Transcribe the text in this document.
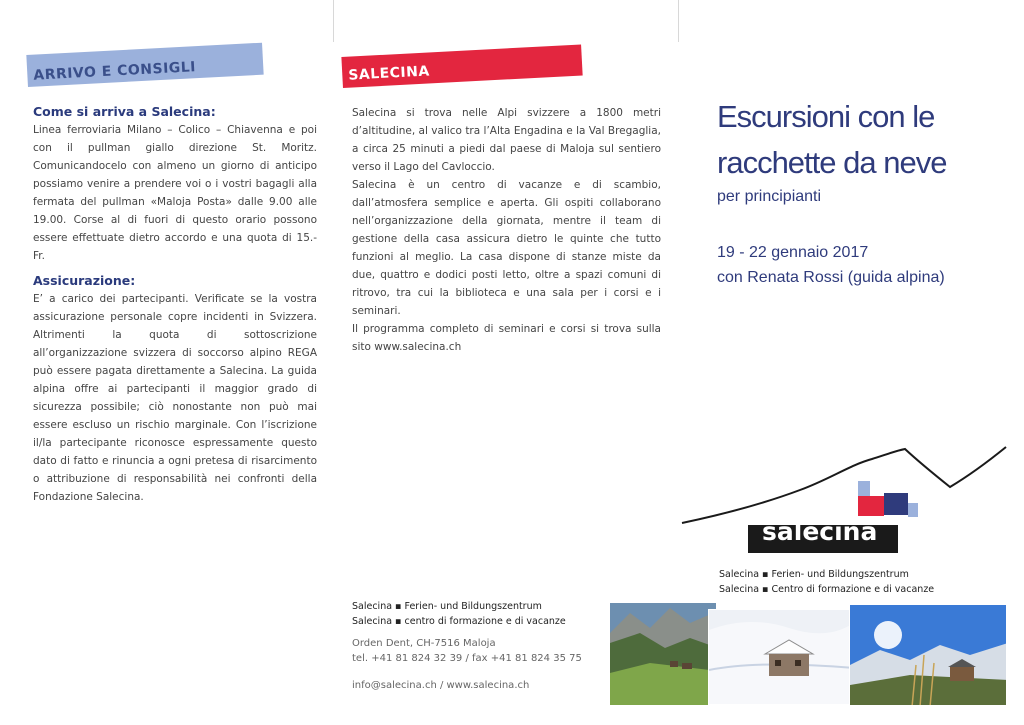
ARRIVO E CONSIGLI
Come si arriva a Salecina:
Linea ferroviaria Milano – Colico – Chiavenna e poi con il pullman giallo direzione St. Moritz. Comunicandocelo con almeno un giorno di anticipo possiamo venire a prendere voi o i vostri bagagli alla fermata del pullman «Maloja Posta» dalle 9.00 alle 19.00. Corse al di fuori di questo orario possono essere effettuate dietro accordo e una quota di 15.- Fr.
Assicurazione:
E’ a carico dei partecipanti. Verificate se la vostra assicurazione personale copre incidenti in Svizzera. Altrimenti la quota di sottoscrizione all’organizzazione svizzera di soccorso alpino REGA può essere pagata direttamente a Salecina. La guida alpina offre ai partecipanti il maggior grado di sicurezza possibile; ciò nonostante non può mai essere escluso un rischio marginale. Con l’iscrizione il/la partecipante riconosce espressamente questo dato di fatto e rinuncia a ogni pretesa di risarcimento o attribuzione di responsabilità nei confronti della Fondazione Salecina.
SALECINA
Salecina si trova nelle Alpi svizzere a 1800 metri d’altitudine, al valico tra l’Alta Engadina e la Val Bregaglia, a circa 25 minuti a piedi dal paese di Maloja sul sentiero verso il Lago del Cavloccio.
Salecina è un centro di vacanze e di scambio, dall’atmosfera semplice e aperta. Gli ospiti collaborano nell’organizzazione della giornata, mentre il team di gestione della casa assicura dietro le quinte che tutto funzioni al meglio. La casa dispone di stanze miste da due, quattro e dodici posti letto, oltre a spazi comuni di ritrovo, tra cui la biblioteca e una sala per i corsi e i seminari.
Il programma completo di seminari e corsi si trova sulla sito www.salecina.ch
Salecina ▪ Ferien- und Bildungszentrum
Salecina ▪ centro di formazione e di vacanze
Orden Dent, CH-7516 Maloja
tel. +41 81 824 32 39 / fax +41 81 824 35 75
info@salecina.ch / www.salecina.ch
Escursioni con le
racchette da neve
per principianti
19 - 22 gennaio 2017
con Renata Rossi (guida alpina)
salecina
Salecina ▪ Ferien- und Bildungszentrum
Salecina ▪ Centro di formazione e di vacanze
